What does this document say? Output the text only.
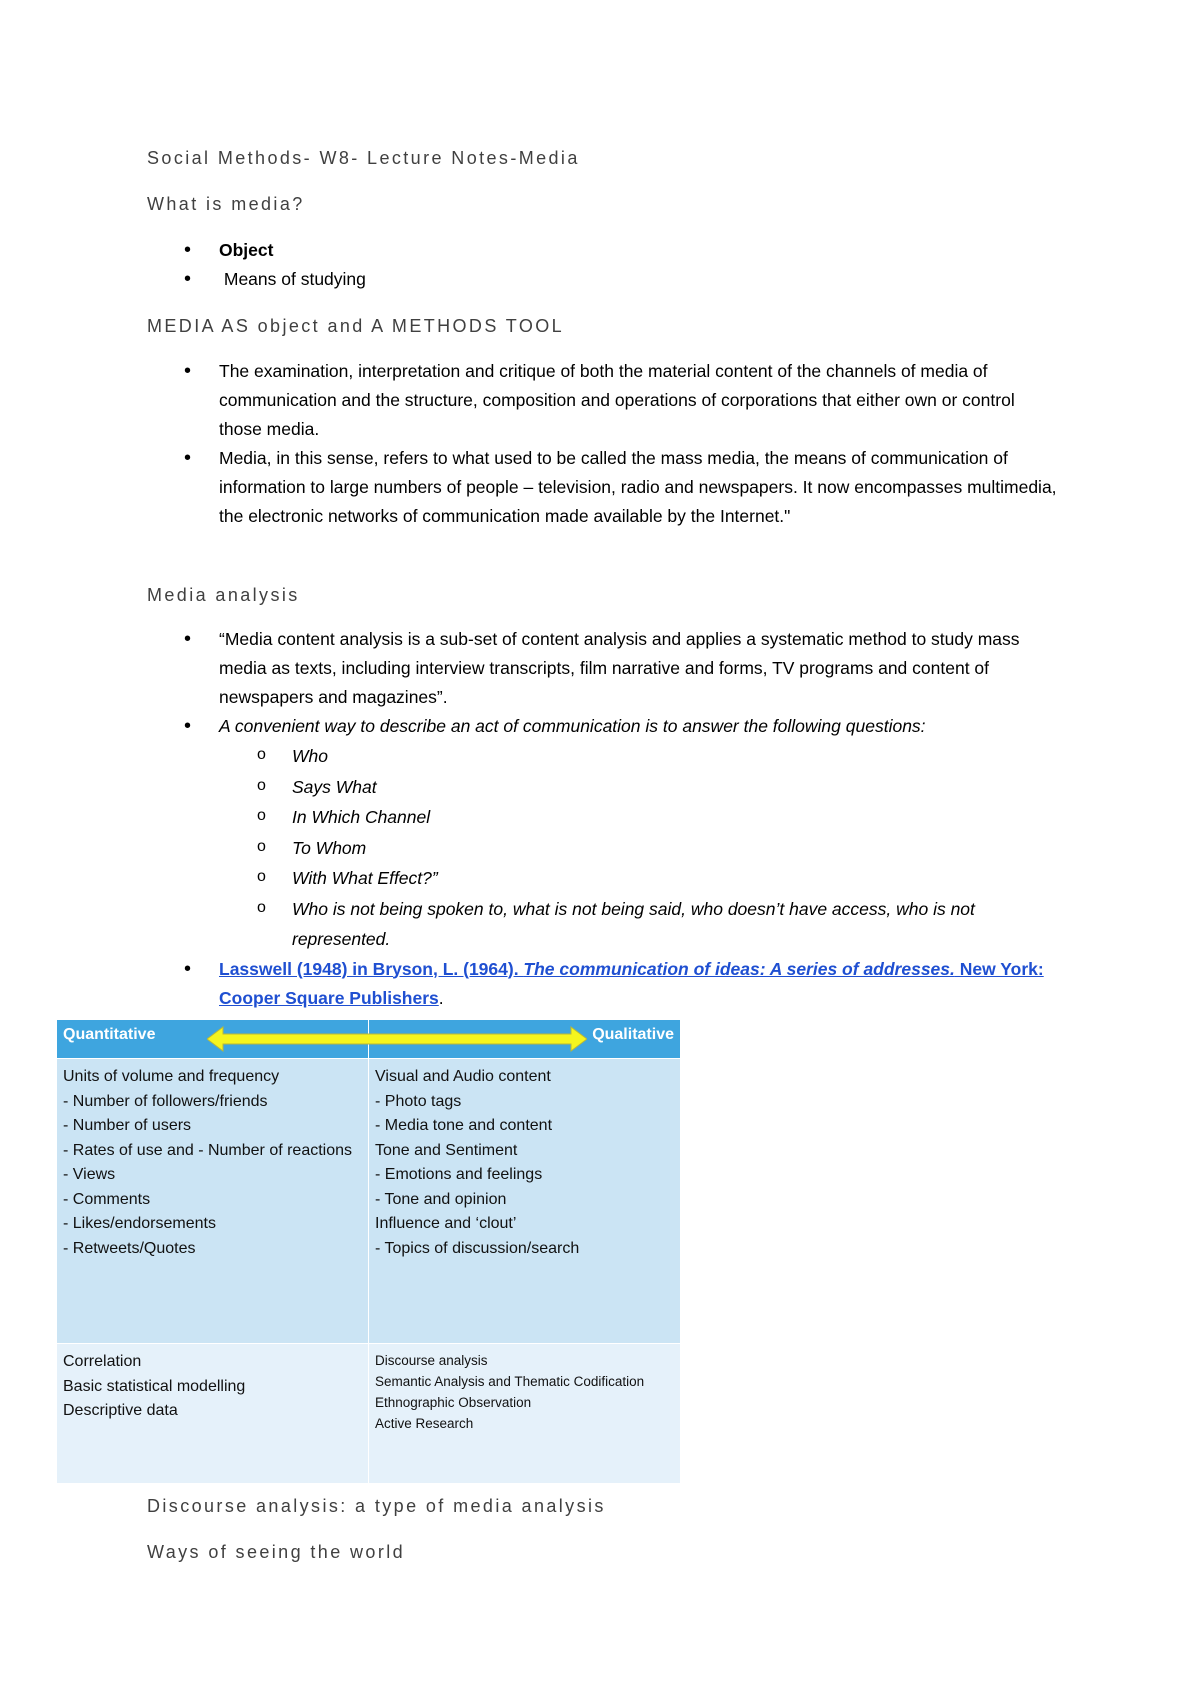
Social Methods- W8- Lecture Notes-Media
What is media?
• Object
•  Means of studying
MEDIA AS object and A METHODS TOOL
• The examination, interpretation and critique of both the material content of the channels of media of communication and the structure, composition and operations of corporations that either own or control those media.
• Media, in this sense, refers to what used to be called the mass media, the means of communication of information to large numbers of people – television, radio and newspapers. It now encompasses multimedia, the electronic networks of communication made available by the Internet."
Media analysis
• “Media content analysis is a sub-set of content analysis and applies a systematic method to study mass media as texts, including interview transcripts, film narrative and forms, TV programs and content of newspapers and magazines”.
• A convenient way to describe an act of communication is to answer the following questions:
o Who
o Says What
o In Which Channel
o To Whom
o With What Effect?”
o Who is not being spoken to, what is not being said, who doesn’t have access, who is not represented.
• Lasswell (1948) in Bryson, L. (1964). The communication of ideas: A series of addresses. New York: Cooper Square Publishers.
Quantitative	Qualitative
Units of volume and frequency
- Number of followers/friends
- Number of users
- Rates of use and - Number of reactions
- Views
- Comments
- Likes/endorsements
- Retweets/Quotes
Visual and Audio content
- Photo tags
- Media tone and content
Tone and Sentiment
- Emotions and feelings
- Tone and opinion
Influence and ‘clout’
- Topics of discussion/search
Correlation
Basic statistical modelling
Descriptive data
Discourse analysis
Semantic Analysis and Thematic Codification
Ethnographic Observation
Active Research
Discourse analysis: a type of media analysis
Ways of seeing the world
